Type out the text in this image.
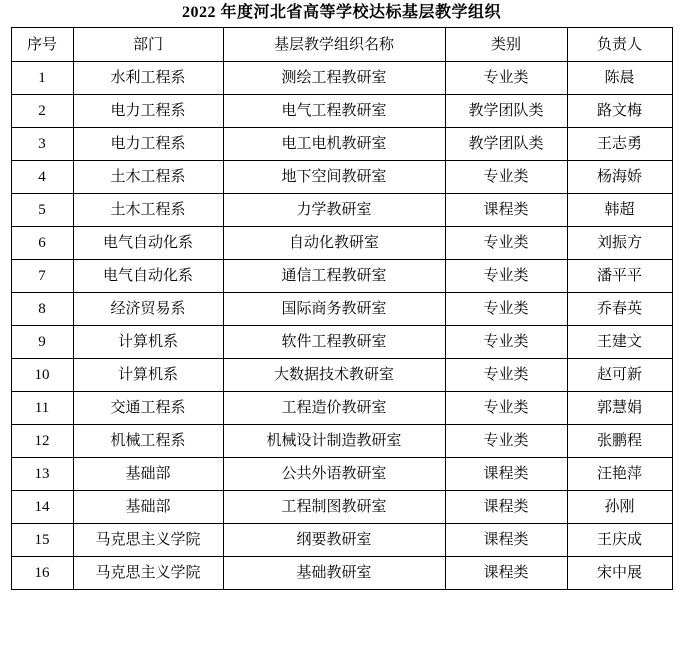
2022 年度河北省高等学校达标基层教学组织
序号	部门	基层教学组织名称	类别	负责人
1	水利工程系	测绘工程教研室	专业类	陈晨
2	电力工程系	电气工程教研室	教学团队类	路文梅
3	电力工程系	电工电机教研室	教学团队类	王志勇
4	土木工程系	地下空间教研室	专业类	杨海娇
5	土木工程系	力学教研室	课程类	韩超
6	电气自动化系	自动化教研室	专业类	刘振方
7	电气自动化系	通信工程教研室	专业类	潘平平
8	经济贸易系	国际商务教研室	专业类	乔春英
9	计算机系	软件工程教研室	专业类	王建文
10	计算机系	大数据技术教研室	专业类	赵可新
11	交通工程系	工程造价教研室	专业类	郭慧娟
12	机械工程系	机械设计制造教研室	专业类	张鹏程
13	基础部	公共外语教研室	课程类	汪艳萍
14	基础部	工程制图教研室	课程类	孙刚
15	马克思主义学院	纲要教研室	课程类	王庆成
16	马克思主义学院	基础教研室	课程类	宋中展
